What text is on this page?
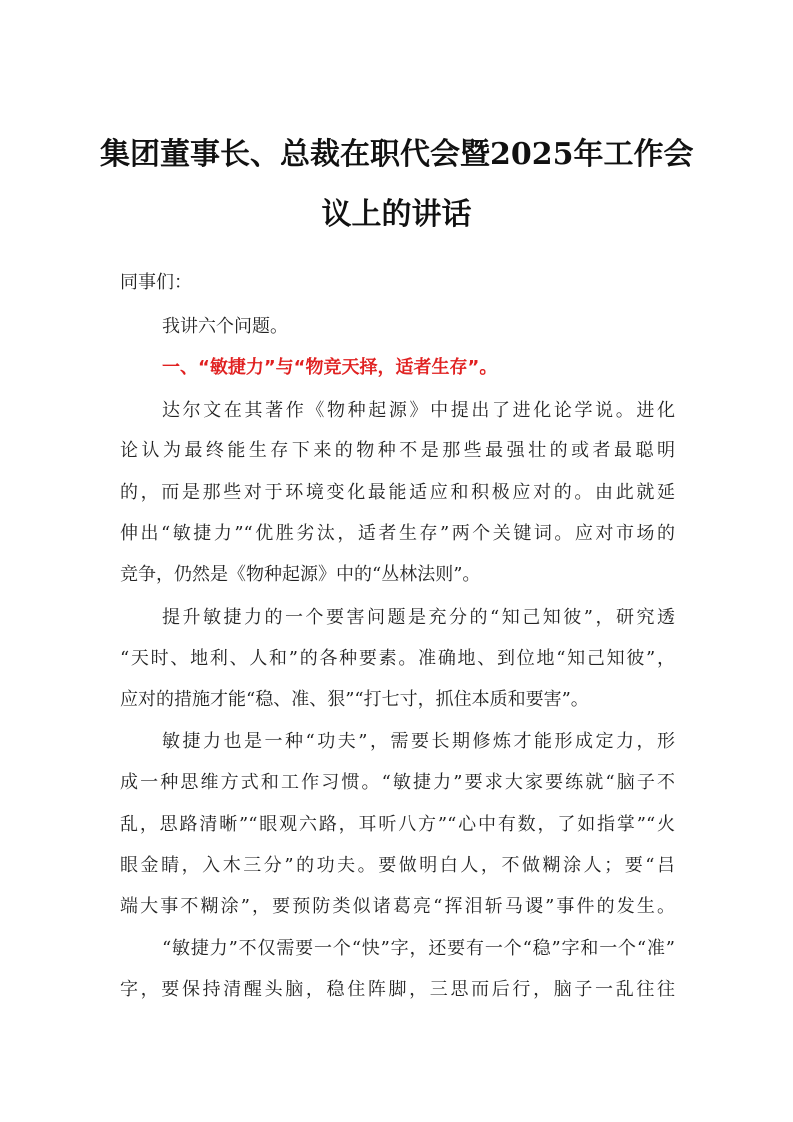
集团董事长、总裁在职代会暨2025年工作会
议上的讲话
同事们：
我讲六个问题。
一、“敏捷力”与“物竞天择，适者生存”。
达尔文在其著作《物种起源》中提出了进化论学说。进化
论认为最终能生存下来的物种不是那些最强壮的或者最聪明
的，而是那些对于环境变化最能适应和积极应对的。由此就延
伸出“敏捷力”“优胜劣汰，适者生存”两个关键词。应对市场的
竞争，仍然是《物种起源》中的“丛林法则”。
提升敏捷力的一个要害问题是充分的“知己知彼”，研究透
“天时、地利、人和”的各种要素。准确地、到位地“知己知彼”，
应对的措施才能“稳、准、狠”“打七寸，抓住本质和要害”。
敏捷力也是一种“功夫”，需要长期修炼才能形成定力，形
成一种思维方式和工作习惯。“敏捷力”要求大家要练就“脑子不
乱，思路清晰”“眼观六路，耳听八方”“心中有数，了如指掌”“火
眼金睛，入木三分”的功夫。要做明白人，不做糊涂人；要“吕
端大事不糊涂”，要预防类似诸葛亮“挥泪斩马谡”事件的发生。
“敏捷力”不仅需要一个“快”字，还要有一个“稳”字和一个“准”
字，要保持清醒头脑，稳住阵脚，三思而后行，脑子一乱往往
